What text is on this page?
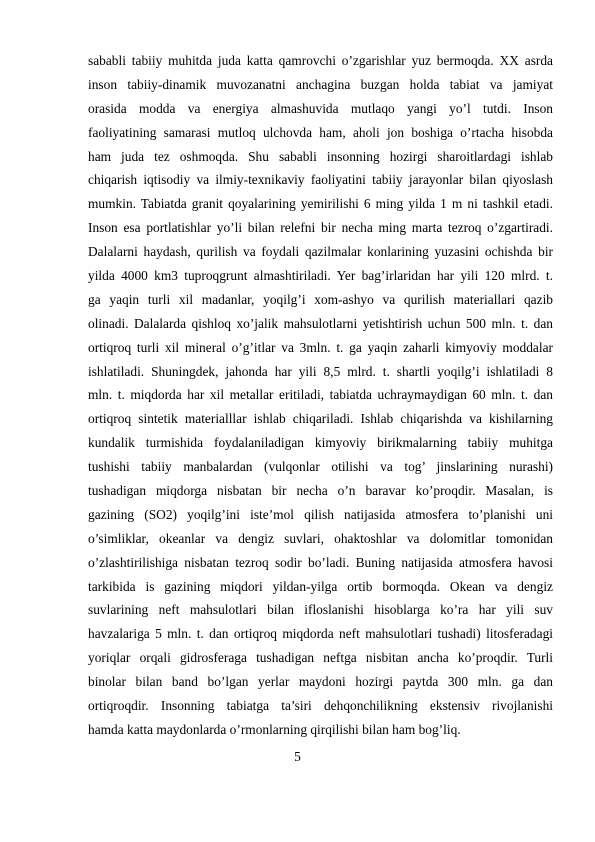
sababli tabiiy muhitda juda katta qamrovchi o’zgarishlar yuz bermoqda. XX asrda
inson tabiiy-dinamik muvozanatni anchagina buzgan holda tabiat va jamiyat
orasida modda va energiya almashuvida mutlaqo yangi yo’l tutdi. Inson
faoliyatining samarasi mutloq ulchovda ham, aholi jon boshiga o’rtacha hisobda
ham juda tez oshmoqda. Shu sababli insonning hozirgi sharoitlardagi ishlab
chiqarish iqtisodiy va ilmiy-texnikaviy faoliyatini tabiiy jarayonlar bilan qiyoslash
mumkin. Tabiatda granit qoyalarining yemirilishi 6 ming yilda 1 m ni tashkil etadi.
Inson esa portlatishlar yo’li bilan relefni bir necha ming marta tezroq o’zgartiradi.
Dalalarni haydash, qurilish va foydali qazilmalar konlarining yuzasini ochishda bir
yilda 4000 km3 tuproqgrunt almashtiriladi. Yer bag’irlaridan har yili 120 mlrd. t.
ga yaqin turli xil madanlar, yoqilg’i xom-ashyo va qurilish materiallari qazib
olinadi. Dalalarda qishloq xo’jalik mahsulotlarni yetishtirish uchun 500 mln. t. dan
ortiqroq turli xil mineral o’g’itlar va 3mln. t. ga yaqin zaharli kimyoviy moddalar
ishlatiladi. Shuningdek, jahonda har yili 8,5 mlrd. t. shartli yoqilg’i ishlatiladi 8
mln. t. miqdorda har xil metallar eritiladi, tabiatda uchraymaydigan 60 mln. t. dan
ortiqroq sintetik materialllar ishlab chiqariladi. Ishlab chiqarishda va kishilarning
kundalik turmishida foydalaniladigan kimyoviy birikmalarning tabiiy muhitga
tushishi tabiiy manbalardan (vulqonlar otilishi va tog’ jinslarining nurashi)
tushadigan miqdorga nisbatan bir necha o’n baravar ko’proqdir. Masalan, is
gazining (SO2) yoqilg’ini iste’mol qilish natijasida atmosfera to’planishi uni
o’simliklar, okeanlar va dengiz suvlari, ohaktoshlar va dolomitlar tomonidan
o’zlashtirilishiga nisbatan tezroq sodir bo’ladi. Buning natijasida atmosfera havosi
tarkibida is gazining miqdori yildan-yilga ortib bormoqda. Okean va dengiz
suvlarining neft mahsulotlari bilan ifloslanishi hisoblarga ko’ra har yili suv
havzalariga 5 mln. t. dan ortiqroq miqdorda neft mahsulotlari tushadi) litosferadagi
yoriqlar orqali gidrosferaga tushadigan neftga nisbitan ancha ko’proqdir. Turli
binolar bilan band bo’lgan yerlar maydoni hozirgi paytda 300 mln. ga dan
ortiqroqdir. Insonning tabiatga ta’siri dehqonchilikning ekstensiv rivojlanishi
hamda katta maydonlarda o’rmonlarning qirqilishi bilan ham bog’liq.
5
